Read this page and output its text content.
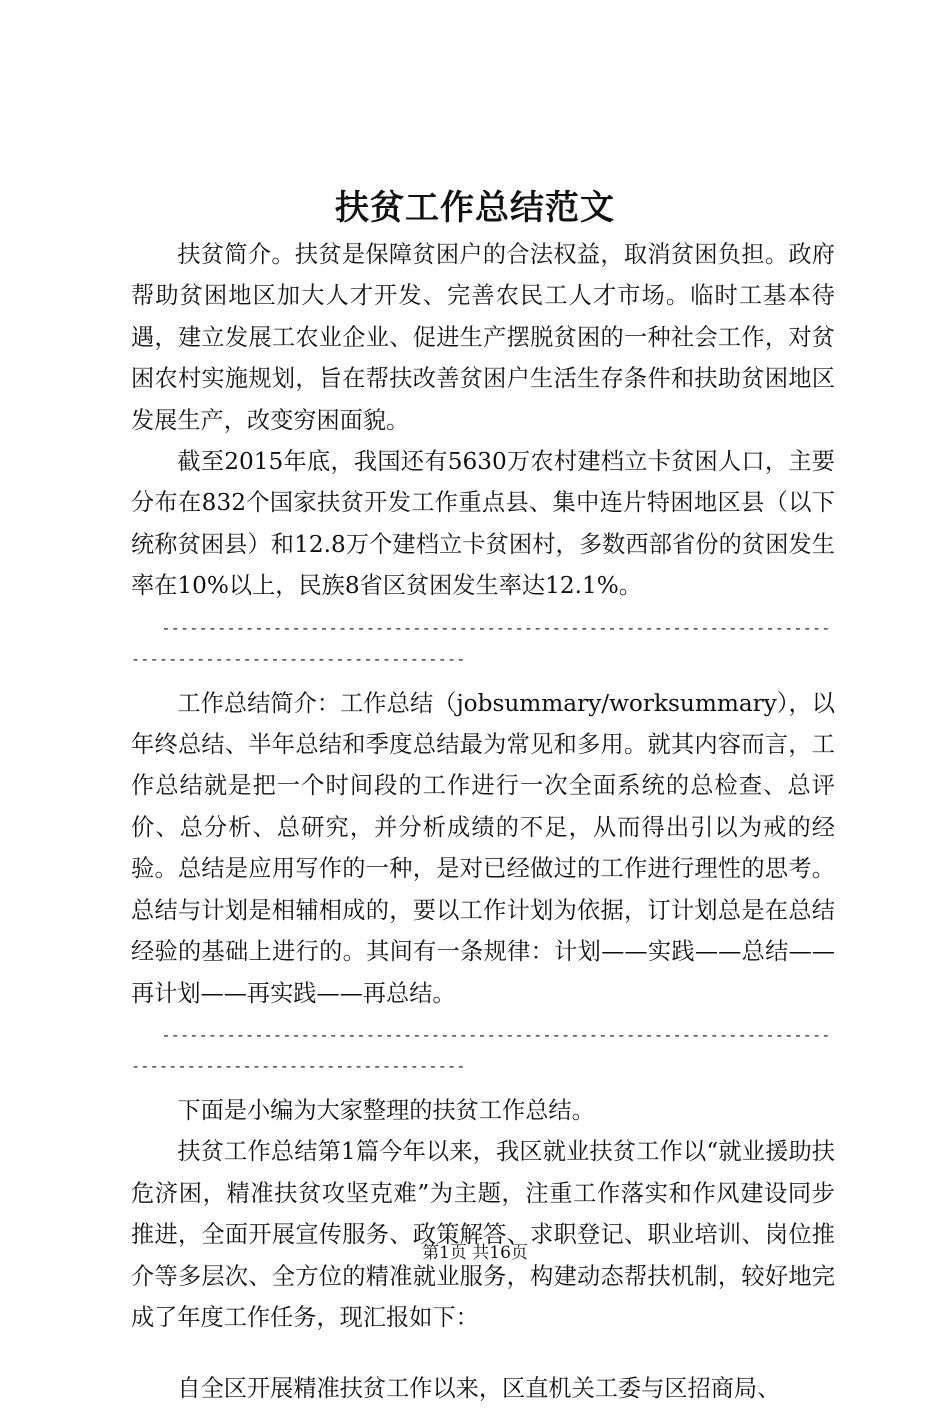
扶贫工作总结范文

扶贫简介。扶贫是保障贫困户的合法权益，取消贫困负担。政府帮助贫困地区加大人才开发、完善农民工人才市场。临时工基本待遇，建立发展工农业企业、促进生产摆脱贫困的一种社会工作，对贫困农村实施规划，旨在帮扶改善贫困户生活生存条件和扶助贫困地区发展生产，改变穷困面貌。

截至2015年底，我国还有5630万农村建档立卡贫困人口，主要分布在832个国家扶贫开发工作重点县、集中连片特困地区县（以下统称贫困县）和12.8万个建档立卡贫困村，多数西部省份的贫困发生率在10%以上，民族8省区贫困发生率达12.1%。

------------------------------------------------------------------------------------------------------------

工作总结简介：工作总结（jobsummary/worksummary），以年终总结、半年总结和季度总结最为常见和多用。就其内容而言，工作总结就是把一个时间段的工作进行一次全面系统的总检查、总评价、总分析、总研究，并分析成绩的不足，从而得出引以为戒的经验。总结是应用写作的一种，是对已经做过的工作进行理性的思考。总结与计划是相辅相成的，要以工作计划为依据，订计划总是在总结经验的基础上进行的。其间有一条规律：计划——实践——总结——再计划——再实践——再总结。

------------------------------------------------------------------------------------------------------------

下面是小编为大家整理的扶贫工作总结。

扶贫工作总结第1篇今年以来，我区就业扶贫工作以“就业援助扶危济困，精准扶贫攻坚克难”为主题，注重工作落实和作风建设同步推进，全面开展宣传服务、政策解答、求职登记、职业培训、岗位推介等多层次、全方位的精准就业服务，构建动态帮扶机制，较好地完成了年度工作任务，现汇报如下：

自全区开展精准扶贫工作以来，区直机关工委与区招商局、

第1页 共16页
